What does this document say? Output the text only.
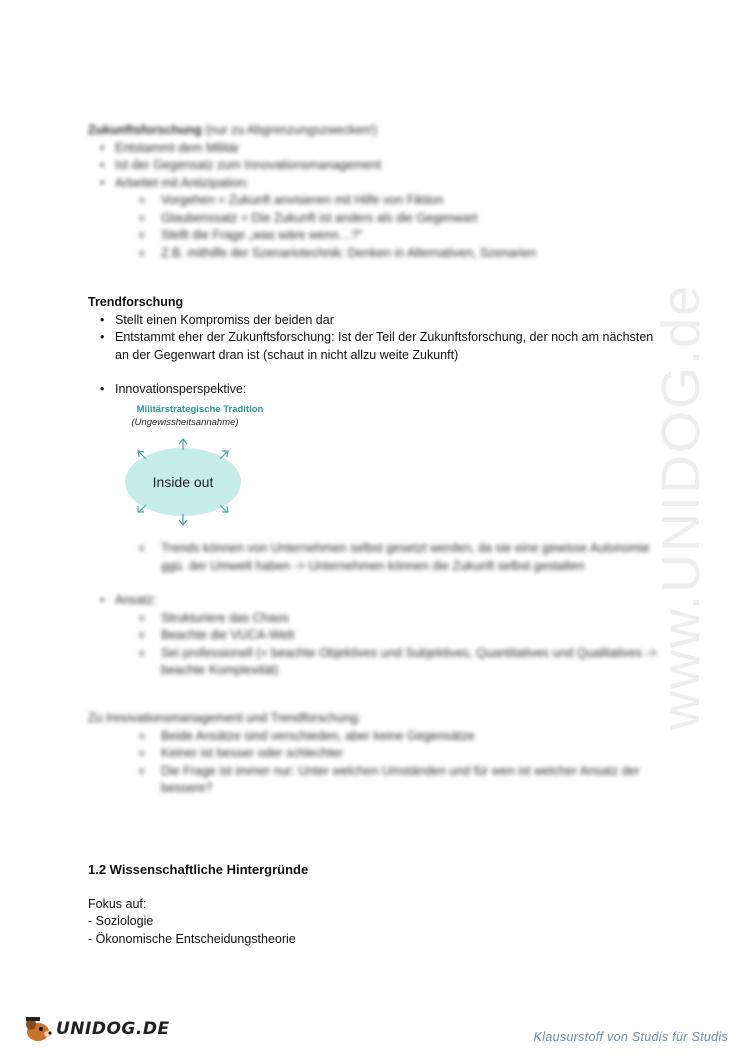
www.UNIDOG.de
Zukunftsforschung (nur zu Abgrenzungszwecken!)
• Entstammt dem Militär
• Ist der Gegensatz zum Innovationsmanagement
• Arbeitet mit Antizipation:
o Vorgehen = Zukunft anvisieren mit Hilfe von Fiktion
o Glaubenssatz = Die Zukunft ist anders als die Gegenwart
o Stellt die Frage „was wäre wenn…?“
o Z.B. mithilfe der Szenariotechnik: Denken in Alternativen, Szenarien
Trendforschung
• Stellt einen Kompromiss der beiden dar
• Entstammt eher der Zukunftsforschung: Ist der Teil der Zukunftsforschung, der noch am nächsten an der Gegenwart dran ist (schaut in nicht allzu weite Zukunft)
• Innovationsperspektive:
Militärstrategische Tradition
(Ungewissheitsannahme)
Inside out
o Trends können von Unternehmen selbst gesetzt werden, da sie eine gewisse Autonomie ggü. der Umwelt haben -> Unternehmen können die Zukunft selbst gestalten
• Ansatz:
o Strukturiere das Chaos
o Beachte die VUCA-Welt
o Sei professionell (= beachte Objektives und Subjektives, Quantitatives und Qualitatives -> beachte Komplexität)
Zu Innovationsmanagement und Trendforschung:
o Beide Ansätze sind verschieden, aber keine Gegensätze
o Keiner ist besser oder schlechter
o Die Frage ist immer nur: Unter welchen Umständen und für wen ist welcher Ansatz der bessere?
1.2 Wissenschaftliche Hintergründe
Fokus auf:
- Soziologie
- Ökonomische Entscheidungstheorie
UNIDOG.DE	Klausurstoff von Studis für Studis
